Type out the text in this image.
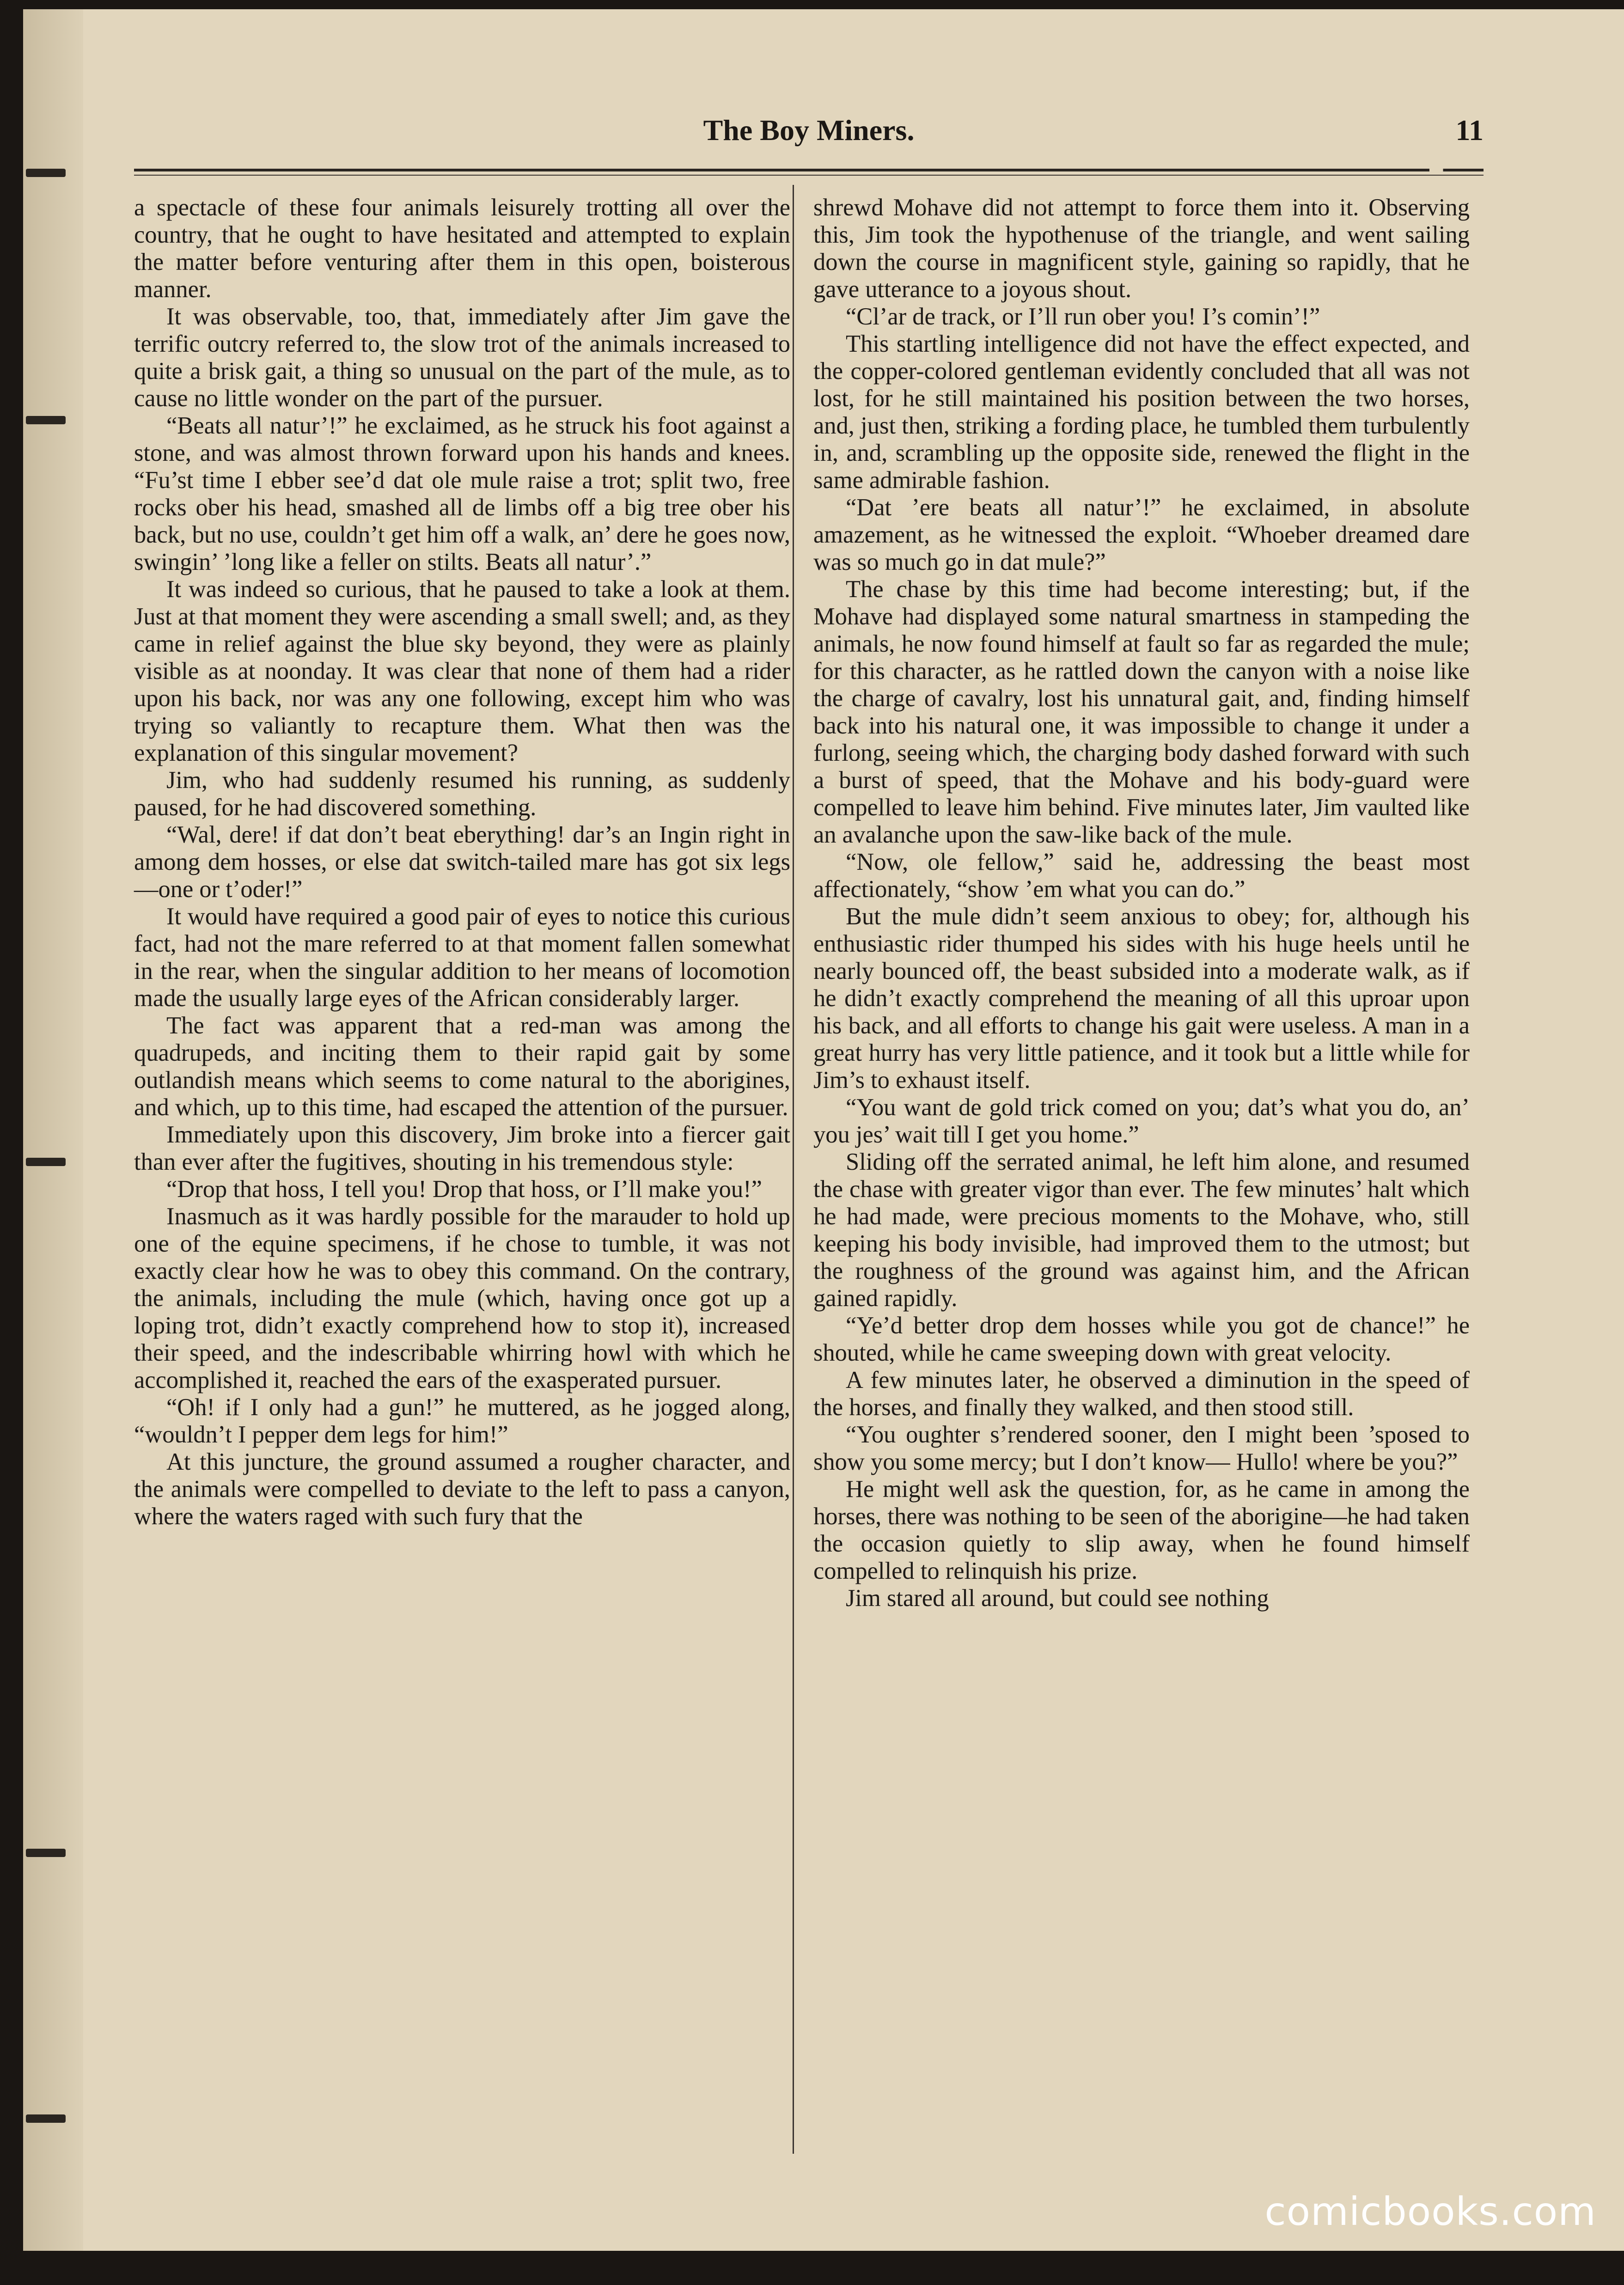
The Boy Miners.	11

a spectacle of these four animals leisurely trotting all over the country, that he ought to have hesitated and attempted to explain the matter before venturing after them in this open, boisterous manner.

It was observable, too, that, immediately after Jim gave the terrific outcry referred to, the slow trot of the animals increased to quite a brisk gait, a thing so unusual on the part of the mule, as to cause no little wonder on the part of the pursuer.

“Beats all natur’!” he exclaimed, as he struck his foot against a stone, and was almost thrown forward upon his hands and knees. “Fu’st time I ebber see’d dat ole mule raise a trot; split two, free rocks ober his head, smashed all de limbs off a big tree ober his back, but no use, couldn’t get him off a walk, an’ dere he goes now, swingin’ ’long like a feller on stilts. Beats all natur’.”

It was indeed so curious, that he paused to take a look at them. Just at that moment they were ascending a small swell; and, as they came in relief against the blue sky beyond, they were as plainly visible as at noonday. It was clear that none of them had a rider upon his back, nor was any one following, except him who was trying so valiantly to recapture them. What then was the explanation of this singular movement?

Jim, who had suddenly resumed his running, as suddenly paused, for he had discovered something.

“Wal, dere! if dat don’t beat eberything! dar’s an Ingin right in among dem hosses, or else dat switch-tailed mare has got six legs—one or t’oder!”

It would have required a good pair of eyes to notice this curious fact, had not the mare referred to at that moment fallen somewhat in the rear, when the singular addition to her means of locomotion made the usually large eyes of the African considerably larger.

The fact was apparent that a red-man was among the quadrupeds, and inciting them to their rapid gait by some outlandish means which seems to come natural to the aborigines, and which, up to this time, had escaped the attention of the pursuer.

Immediately upon this discovery, Jim broke into a fiercer gait than ever after the fugitives, shouting in his tremendous style:

“Drop that hoss, I tell you! Drop that hoss, or I’ll make you!”

Inasmuch as it was hardly possible for the marauder to hold up one of the equine specimens, if he chose to tumble, it was not exactly clear how he was to obey this command. On the contrary, the animals, including the mule (which, having once got up a loping trot, didn’t exactly comprehend how to stop it), increased their speed, and the indescribable whirring howl with which he accomplished it, reached the ears of the exasperated pursuer.

“Oh! if I only had a gun!” he muttered, as he jogged along, “wouldn’t I pepper dem legs for him!”

At this juncture, the ground assumed a rougher character, and the animals were compelled to deviate to the left to pass a canyon, where the waters raged with such fury that the

shrewd Mohave did not attempt to force them into it. Observing this, Jim took the hypothenuse of the triangle, and went sailing down the course in magnificent style, gaining so rapidly, that he gave utterance to a joyous shout.

“Cl’ar de track, or I’ll run ober you! I’s comin’!”

This startling intelligence did not have the effect expected, and the copper-colored gentleman evidently concluded that all was not lost, for he still maintained his position between the two horses, and, just then, striking a fording place, he tumbled them turbulently in, and, scrambling up the opposite side, renewed the flight in the same admirable fashion.

“Dat ’ere beats all natur’!” he exclaimed, in absolute amazement, as he witnessed the exploit. “Whoeber dreamed dare was so much go in dat mule?”

The chase by this time had become interesting; but, if the Mohave had displayed some natural smartness in stampeding the animals, he now found himself at fault so far as regarded the mule; for this character, as he rattled down the canyon with a noise like the charge of cavalry, lost his unnatural gait, and, finding himself back into his natural one, it was impossible to change it under a furlong, seeing which, the charging body dashed forward with such a burst of speed, that the Mohave and his body-guard were compelled to leave him behind. Five minutes later, Jim vaulted like an avalanche upon the saw-like back of the mule.

“Now, ole fellow,” said he, addressing the beast most affectionately, “show ’em what you can do.”

But the mule didn’t seem anxious to obey; for, although his enthusiastic rider thumped his sides with his huge heels until he nearly bounced off, the beast subsided into a moderate walk, as if he didn’t exactly comprehend the meaning of all this uproar upon his back, and all efforts to change his gait were useless. A man in a great hurry has very little patience, and it took but a little while for Jim’s to exhaust itself.

“You want de gold trick comed on you; dat’s what you do, an’ you jes’ wait till I get you home.”

Sliding off the serrated animal, he left him alone, and resumed the chase with greater vigor than ever. The few minutes’ halt which he had made, were precious moments to the Mohave, who, still keeping his body invisible, had improved them to the utmost; but the roughness of the ground was against him, and the African gained rapidly.

“Ye’d better drop dem hosses while you got de chance!” he shouted, while he came sweeping down with great velocity.

A few minutes later, he observed a diminution in the speed of the horses, and finally they walked, and then stood still.

“You oughter s’rendered sooner, den I might been ’sposed to show you some mercy; but I don’t know— Hullo! where be you?”

He might well ask the question, for, as he came in among the horses, there was nothing to be seen of the aborigine—he had taken the occasion quietly to slip away, when he found himself compelled to relinquish his prize.

Jim stared all around, but could see nothing

comicbooks.com
